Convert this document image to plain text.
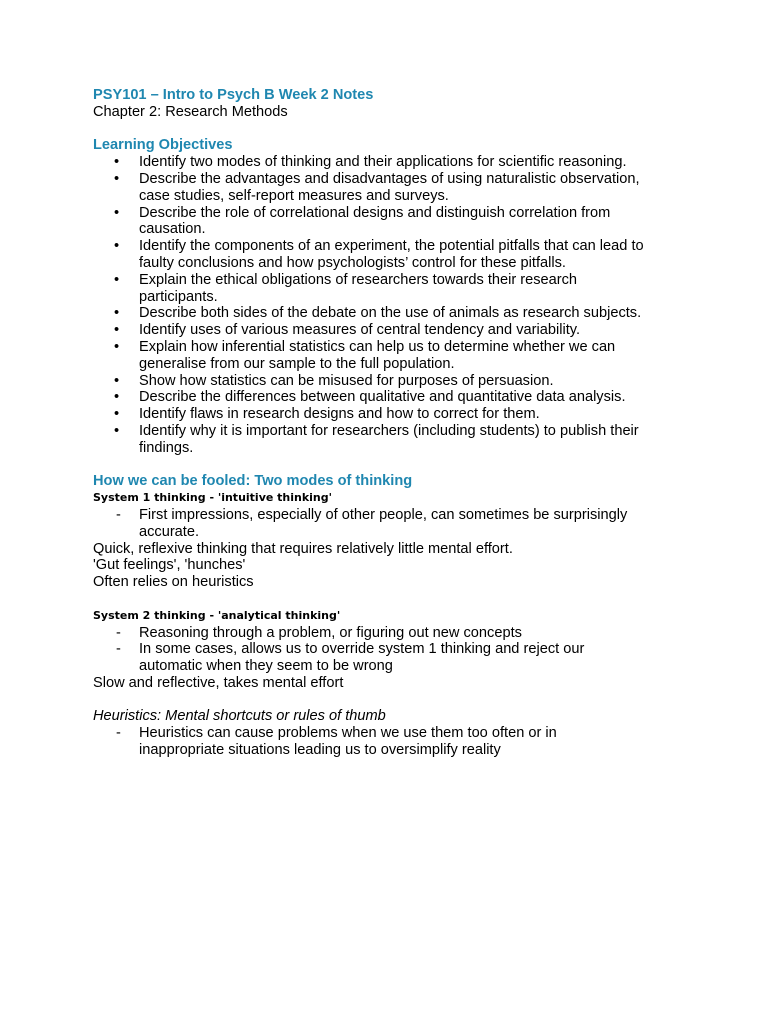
PSY101 – Intro to Psych B Week 2 Notes
Chapter 2: Research Methods
Learning Objectives
• Identify two modes of thinking and their applications for scientific reasoning.
• Describe the advantages and disadvantages of using naturalistic observation,
case studies, self-report measures and surveys.
• Describe the role of correlational designs and distinguish correlation from
causation.
• Identify the components of an experiment, the potential pitfalls that can lead to
faulty conclusions and how psychologists’ control for these pitfalls.
• Explain the ethical obligations of researchers towards their research
participants.
• Describe both sides of the debate on the use of animals as research subjects.
• Identify uses of various measures of central tendency and variability.
• Explain how inferential statistics can help us to determine whether we can
generalise from our sample to the full population.
• Show how statistics can be misused for purposes of persuasion.
• Describe the differences between qualitative and quantitative data analysis.
• Identify flaws in research designs and how to correct for them.
• Identify why it is important for researchers (including students) to publish their
findings.
How we can be fooled: Two modes of thinking
System 1 thinking - 'intuitive thinking'
- First impressions, especially of other people, can sometimes be surprisingly
accurate.
Quick, reflexive thinking that requires relatively little mental effort.
'Gut feelings', 'hunches'
Often relies on heuristics
System 2 thinking - 'analytical thinking'
- Reasoning through a problem, or figuring out new concepts
- In some cases, allows us to override system 1 thinking and reject our
automatic when they seem to be wrong
Slow and reflective, takes mental effort
Heuristics: Mental shortcuts or rules of thumb
- Heuristics can cause problems when we use them too often or in
inappropriate situations leading us to oversimplify reality
